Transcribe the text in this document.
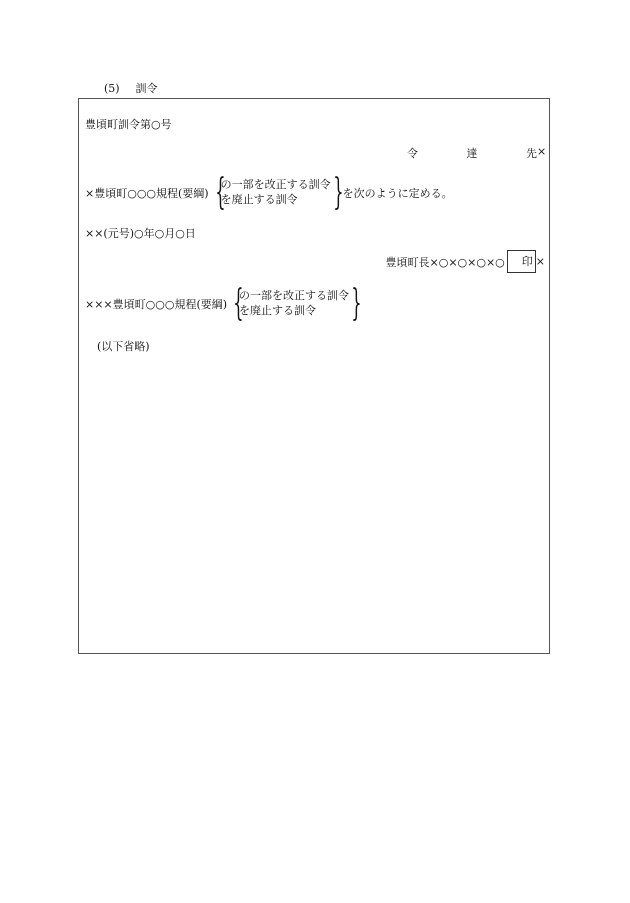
(5) 訓令
豊頃町訓令第○号
令	達	先 ×
×豊頃町○○○規程(要綱) {
の一部を改正する訓令
を廃止する訓令 } を次のように定める。
××(元号)○年○月○日
豊頃町長×○×○×○×○	印 ×
×××豊頃町○○○規程(要綱) {
の一部を改正する訓令
を廃止する訓令 }
(以下省略)
